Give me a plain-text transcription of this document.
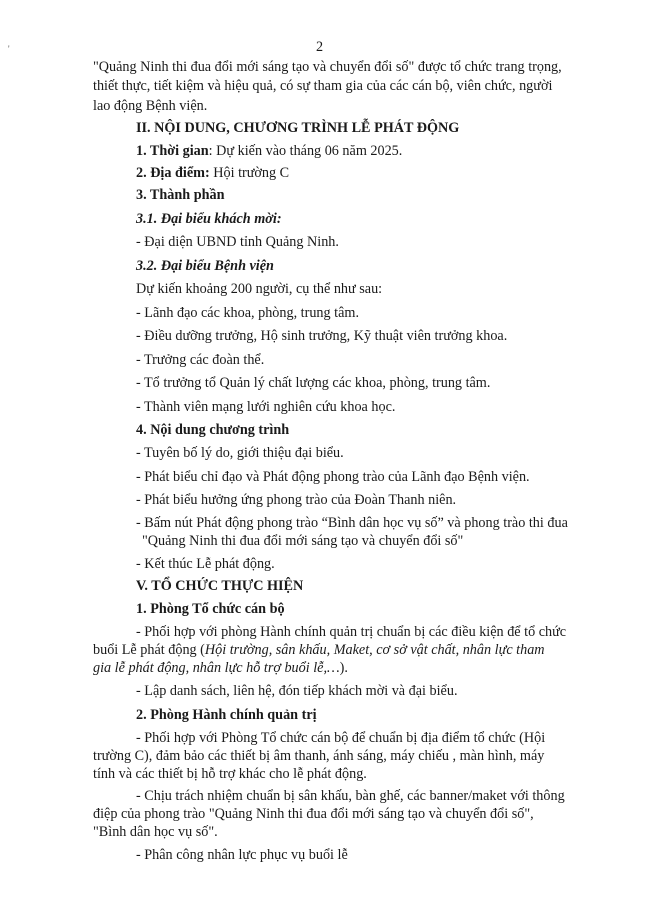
'	2
"Quảng Ninh thi đua đổi mới sáng tạo và chuyển đổi số" được tổ chức trang trọng,
thiết thực, tiết kiệm và hiệu quả, có sự tham gia của các cán bộ, viên chức, người
lao động Bệnh viện.
II. NỘI DUNG, CHƯƠNG TRÌNH LỄ PHÁT ĐỘNG
1. Thời gian: Dự kiến vào tháng 06 năm 2025.
2. Địa điểm: Hội trường C
3. Thành phần
3.1. Đại biểu khách mời:
- Đại diện UBND tỉnh Quảng Ninh.
3.2. Đại biểu Bệnh viện
Dự kiến khoảng 200 người, cụ thể như sau:
- Lãnh đạo các khoa, phòng, trung tâm.
- Điều dưỡng trưởng, Hộ sinh trưởng, Kỹ thuật viên trưởng khoa.
- Trưởng các đoàn thể.
- Tổ trưởng tổ Quản lý chất lượng các khoa, phòng, trung tâm.
- Thành viên mạng lưới nghiên cứu khoa học.
4. Nội dung chương trình
- Tuyên bố lý do, giới thiệu đại biểu.
- Phát biểu chỉ đạo và Phát động phong trào của Lãnh đạo Bệnh viện.
- Phát biểu hưởng ứng phong trào của Đoàn Thanh niên.
- Bấm nút Phát động phong trào “Bình dân học vụ số” và phong trào thi đua
"Quảng Ninh thi đua đổi mới sáng tạo và chuyển đổi số"
- Kết thúc Lễ phát động.
V. TỔ CHỨC THỰC HIỆN
1. Phòng Tổ chức cán bộ
- Phối hợp với phòng Hành chính quản trị chuẩn bị các điều kiện để tổ chức
buổi Lễ phát động (Hội trường, sân khấu, Maket, cơ sở vật chất, nhân lực tham
gia lễ phát động, nhân lực hỗ trợ buổi lễ,…).
- Lập danh sách, liên hệ, đón tiếp khách mời và đại biểu.
2. Phòng Hành chính quản trị
- Phối hợp với Phòng Tổ chức cán bộ để chuẩn bị địa điểm tổ chức (Hội
trường C), đảm bảo các thiết bị âm thanh, ánh sáng, máy chiếu , màn hình, máy
tính và các thiết bị hỗ trợ khác cho lễ phát động.
- Chịu trách nhiệm chuẩn bị sân khấu, bàn ghế, các banner/maket với thông
điệp của phong trào "Quảng Ninh thi đua đổi mới sáng tạo và chuyển đổi số",
"Bình dân học vụ số".
- Phân công nhân lực phục vụ buổi lễ
